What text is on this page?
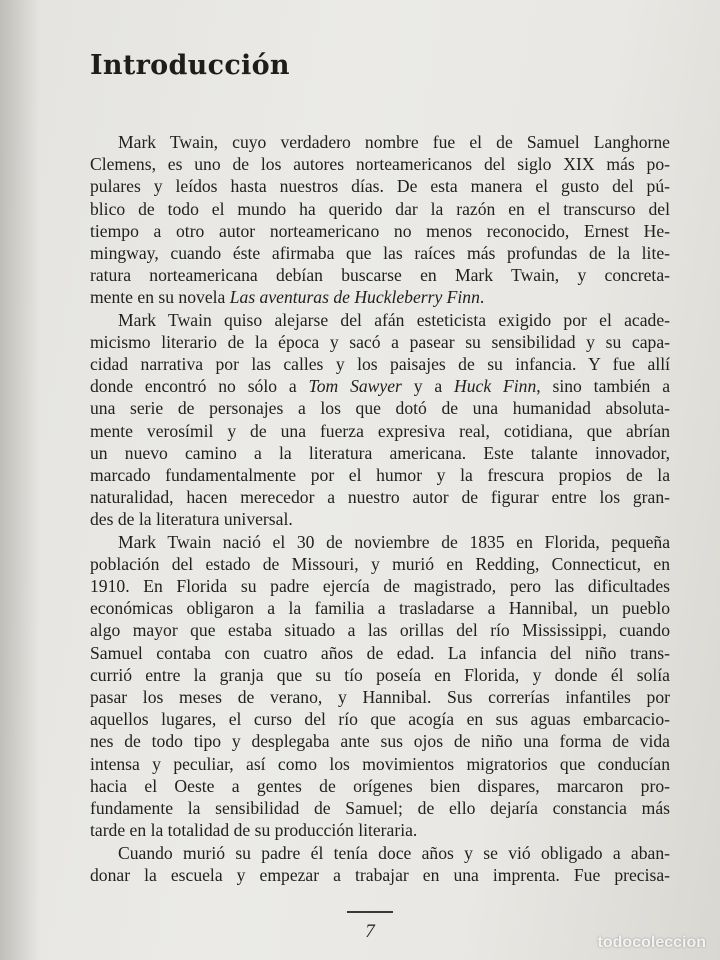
Introducción
Mark Twain, cuyo verdadero nombre fue el de Samuel Langhorne
Clemens, es uno de los autores norteamericanos del siglo XIX más po-
pulares y leídos hasta nuestros días. De esta manera el gusto del pú-
blico de todo el mundo ha querido dar la razón en el transcurso del
tiempo a otro autor norteamericano no menos reconocido, Ernest He-
mingway, cuando éste afirmaba que las raíces más profundas de la lite-
ratura norteamericana debían buscarse en Mark Twain, y concreta-
mente en su novela Las aventuras de Huckleberry Finn.
Mark Twain quiso alejarse del afán esteticista exigido por el acade-
micismo literario de la época y sacó a pasear su sensibilidad y su capa-
cidad narrativa por las calles y los paisajes de su infancia. Y fue allí
donde encontró no sólo a Tom Sawyer y a Huck Finn, sino también a
una serie de personajes a los que dotó de una humanidad absoluta-
mente verosímil y de una fuerza expresiva real, cotidiana, que abrían
un nuevo camino a la literatura americana. Este talante innovador,
marcado fundamentalmente por el humor y la frescura propios de la
naturalidad, hacen merecedor a nuestro autor de figurar entre los gran-
des de la literatura universal.
Mark Twain nació el 30 de noviembre de 1835 en Florida, pequeña
población del estado de Missouri, y murió en Redding, Connecticut, en
1910. En Florida su padre ejercía de magistrado, pero las dificultades
económicas obligaron a la familia a trasladarse a Hannibal, un pueblo
algo mayor que estaba situado a las orillas del río Mississippi, cuando
Samuel contaba con cuatro años de edad. La infancia del niño trans-
currió entre la granja que su tío poseía en Florida, y donde él solía
pasar los meses de verano, y Hannibal. Sus correrías infantiles por
aquellos lugares, el curso del río que acogía en sus aguas embarcacio-
nes de todo tipo y desplegaba ante sus ojos de niño una forma de vida
intensa y peculiar, así como los movimientos migratorios que conducían
hacia el Oeste a gentes de orígenes bien dispares, marcaron pro-
fundamente la sensibilidad de Samuel; de ello dejaría constancia más
tarde en la totalidad de su producción literaria.
Cuando murió su padre él tenía doce años y se vió obligado a aban-
donar la escuela y empezar a trabajar en una imprenta. Fue precisa-
7
todocoleccion
